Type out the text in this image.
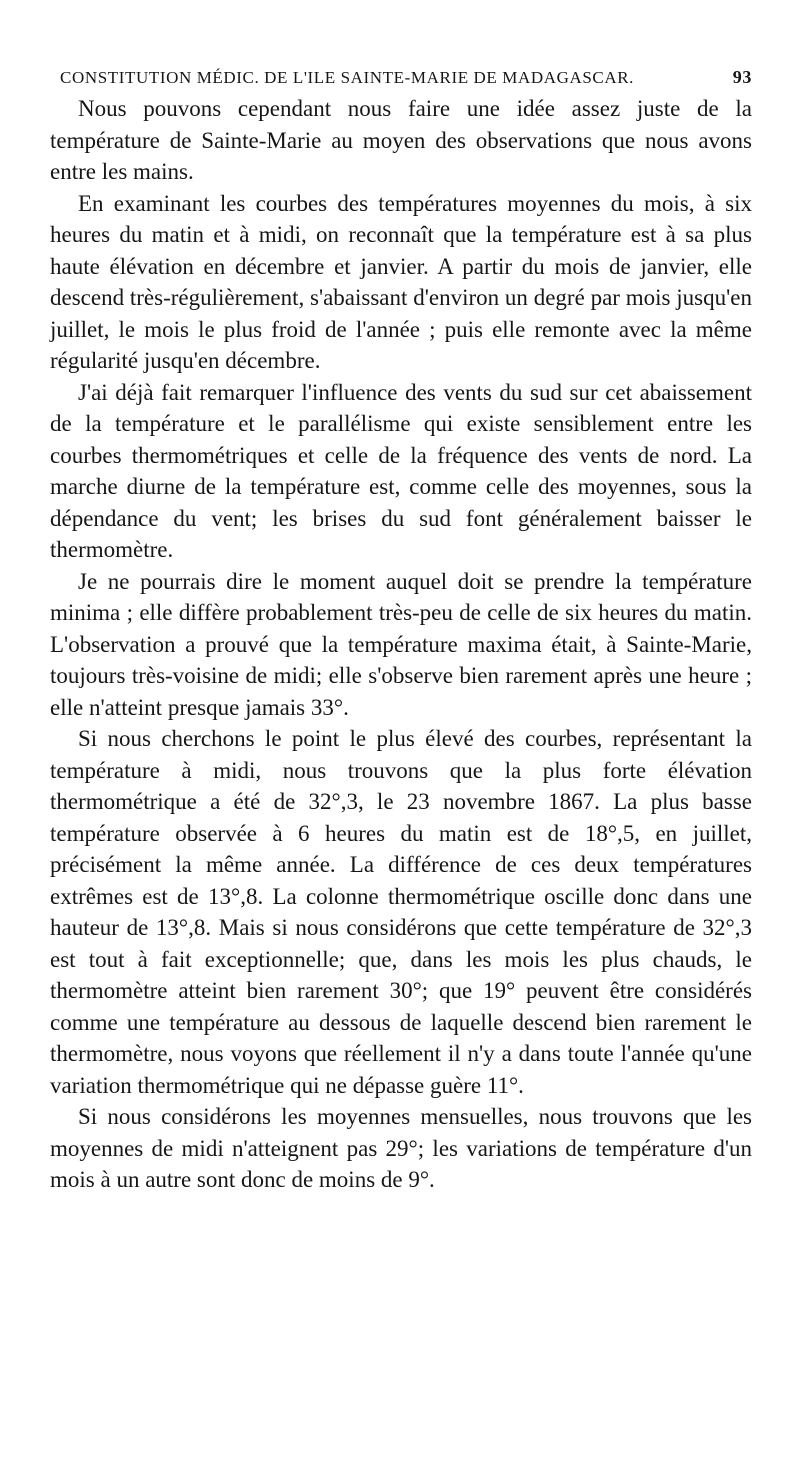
CONSTITUTION MÉDIC. DE L'ILE SAINTE-MARIE DE MADAGASCAR.	93

Nous pouvons cependant nous faire une idée assez juste de la température de Sainte-Marie au moyen des observations que nous avons entre les mains.

En examinant les courbes des températures moyennes du mois, à six heures du matin et à midi, on reconnaît que la température est à sa plus haute élévation en décembre et janvier. A partir du mois de janvier, elle descend très-régulièrement, s'abaissant d'environ un degré par mois jusqu'en juillet, le mois le plus froid de l'année ; puis elle remonte avec la même régularité jusqu'en décembre.

J'ai déjà fait remarquer l'influence des vents du sud sur cet abaissement de la température et le parallélisme qui existe sensiblement entre les courbes thermométriques et celle de la fréquence des vents de nord. La marche diurne de la température est, comme celle des moyennes, sous la dépendance du vent; les brises du sud font généralement baisser le thermomètre.

Je ne pourrais dire le moment auquel doit se prendre la température minima ; elle diffère probablement très-peu de celle de six heures du matin. L'observation a prouvé que la température maxima était, à Sainte-Marie, toujours très-voisine de midi; elle s'observe bien rarement après une heure ; elle n'atteint presque jamais 33°.

Si nous cherchons le point le plus élevé des courbes, représentant la température à midi, nous trouvons que la plus forte élévation thermométrique a été de 32°,3, le 23 novembre 1867. La plus basse température observée à 6 heures du matin est de 18°,5, en juillet, précisément la même année. La différence de ces deux températures extrêmes est de 13°,8. La colonne thermométrique oscille donc dans une hauteur de 13°,8. Mais si nous considérons que cette température de 32°,3 est tout à fait exceptionnelle; que, dans les mois les plus chauds, le thermomètre atteint bien rarement 30°; que 19° peuvent être considérés comme une température au dessous de laquelle descend bien rarement le thermomètre, nous voyons que réellement il n'y a dans toute l'année qu'une variation thermométrique qui ne dépasse guère 11°.

Si nous considérons les moyennes mensuelles, nous trouvons que les moyennes de midi n'atteignent pas 29°; les variations de température d'un mois à un autre sont donc de moins de 9°.
